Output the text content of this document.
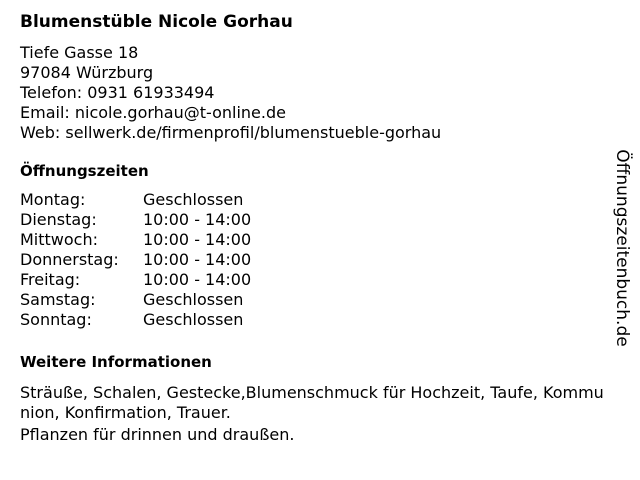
Blumenstüble Nicole Gorhau
Tiefe Gasse 18
97084 Würzburg
Telefon: 0931 61933494
Email: nicole.gorhau@t-online.de
Web: sellwerk.de/firmenprofil/blumenstueble-gorhau
Öffnungszeiten
Montag:	Geschlossen
Dienstag:	10:00 - 14:00
Mittwoch:	10:00 - 14:00
Donnerstag:	10:00 - 14:00
Freitag:	10:00 - 14:00
Samstag:	Geschlossen
Sonntag:	Geschlossen
Weitere Informationen
Sträuße, Schalen, Gestecke,Blumenschmuck für Hochzeit, Taufe, Kommunion, Konfirmation, Trauer.
Pflanzen für drinnen und draußen.
Öffnungszeitenbuch.de
